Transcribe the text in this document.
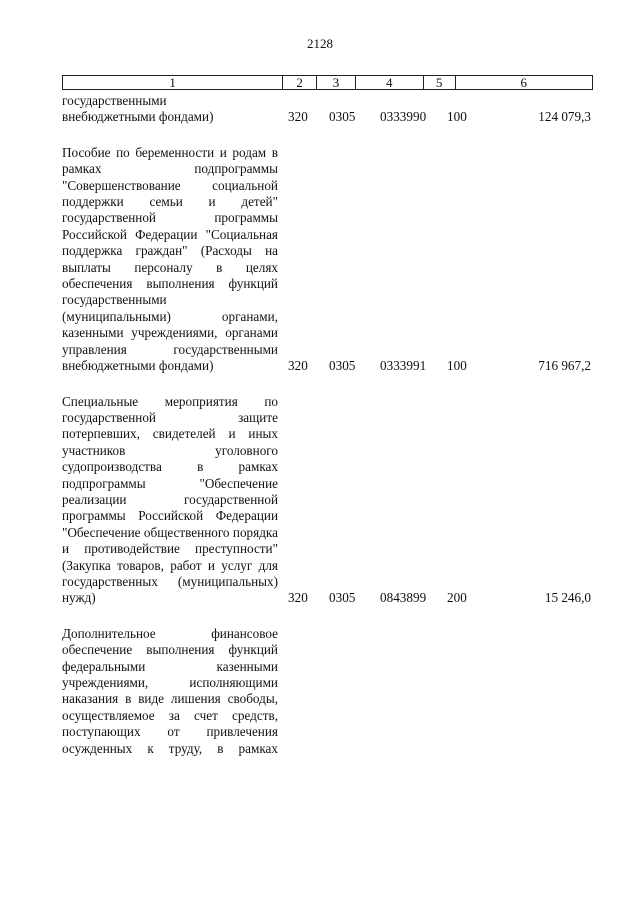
2128
1	2	3	4	5	6
государственными
внебюджетными фондами)	320	0305	0333990	100	124 079,3
Пособие по беременности и родам в рамках подпрограммы "Совершенствование социальной поддержки семьи и детей" государственной программы Российской Федерации "Социальная поддержка граждан" (Расходы на выплаты персоналу в целях обеспечения выполнения функций государственными (муниципальными) органами, казенными учреждениями, органами управления государственными внебюджетными фондами)	320	0305	0333991	100	716 967,2
Специальные мероприятия по государственной защите потерпевших, свидетелей и иных участников уголовного судопроизводства в рамках подпрограммы "Обеспечение реализации государственной программы Российской Федерации "Обеспечение общественного порядка и противодействие преступности" (Закупка товаров, работ и услуг для государственных (муниципальных) нужд)	320	0305	0843899	200	15 246,0
Дополнительное финансовое обеспечение выполнения функций федеральными казенными учреждениями, исполняющими наказания в виде лишения свободы, осуществляемое за счет средств, поступающих от привлечения осужденных к труду, в рамках
